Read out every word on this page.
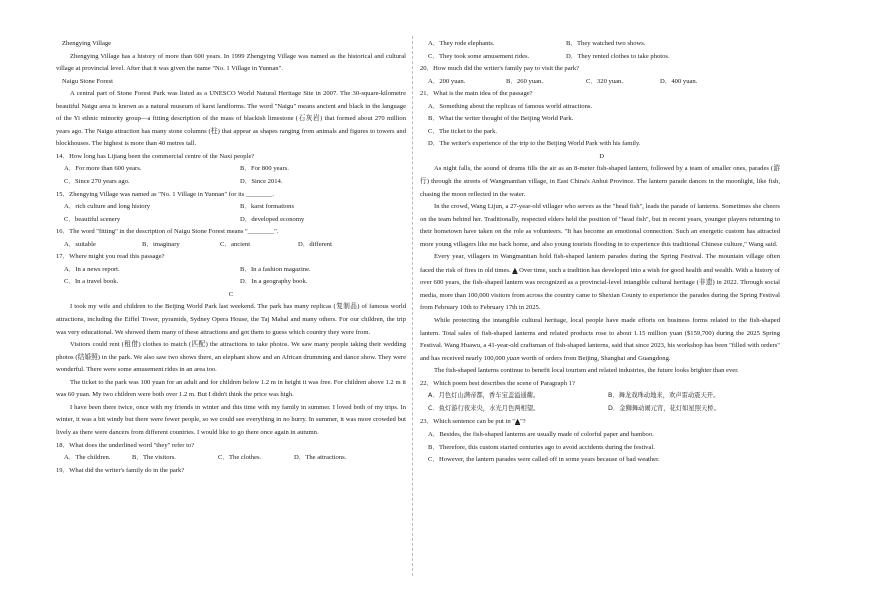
Zhengying Village

Zhengying Village has a history of more than 600 years. In 1999 Zhengying Village was named as the historical and cultural village at provincial level. After that it was given the name "No. 1 Village in Yunnan".

Naigu Stone Forest

A central part of Stone Forest Park was listed as a UNESCO World Natural Heritage Site in 2007. The 30-square-kilometre beautiful Naigu area is known as a natural museum of karst landforms. The word "Naigu" means ancient and black in the language of the Yi ethnic minority group—a fitting description of the mass of blackish limestone (石灰岩) that formed about 270 million years ago. The Naigu attraction has many stone columns (柱) that appear as shapes ranging from animals and figures to towers and blockhouses. The highest is more than 40 metres tall.

14．How long has Lijiang been the commercial centre of the Naxi people?

A．For more than 600 years.	B．For 800 years.
C．Since 270 years ago.	D．Since 2014.

15．Zhengying Village was named as "No. 1 Village in Yunnan" for its ________.

A．rich culture and long history	B．karst formations
C．beautiful scenery	D．developed economy

16．The word "fitting" in the description of Naigu Stone Forest means "________".

A．suitable	B．imaginary	C．ancient	D．different

17．Where might you read this passage?

A．In a news report.	B．In a fashion magazine.
C．In a travel book.	D．In a geography book.

C

I took my wife and children to the Beijing World Park last weekend. The park has many replicas (复制品) of famous world attractions, including the Eiffel Tower, pyramids, Sydney Opera House, the Taj Mahal and many others. For our children, the trip was very educational. We showed them many of these attractions and got them to guess which country they were from.

Visitors could rent (租借) clothes to match (匹配) the attractions to take photos. We saw many people taking their wedding photos (结婚照) in the park. We also saw two shows there, an elephant show and an African drumming and dance show. They were wonderful. There were some amusement rides in an area too.

The ticket to the park was 100 yuan for an adult and for children below 1.2 m in height it was free. For children above 1.2 m it was 60 yuan. My two children were both over 1.2 m. But I didn't think the price was high.

I have been there twice, once with my friends in winter and this time with my family in summer. I loved both of my trips. In winter, it was a bit windy but there were fewer people, so we could see everything in no hurry. In summer, it was more crowded but lively as there were dancers from different countries. I would like to go there once again in autumn.

18．What does the underlined word "they" refer to?

A．The children.	B．The visitors.	C．The clothes.	D．The attractions.

19．What did the writer's family do in the park?

A．They rode elephants.	B．They watched two shows.
C．They took some amusement rides.	D．They rented clothes to take photos.

20．How much did the writer's family pay to visit the park?

A．200 yuan.	B．260 yuan.	C．320 yuan.	D．400 yuan.

21．What is the main idea of the passage?

A．Something about the replicas of famous world attractions.

B．What the writer thought of the Beijing World Park.

C．The ticket to the park.

D．The writer's experience of the trip to the Beijing World Park with his family.

D

As night falls, the sound of drums fills the air as an 8-meter fish-shaped lantern, followed by a team of smaller ones, parades (游行) through the streets of Wangmantian village, in East China's Anhui Province. The lantern parade dances in the moonlight, like fish, chasing the moon reflected in the water.

In the crowd, Wang Lijun, a 27-year-old villager who serves as the "head fish", leads the parade of lanterns. Sometimes she cheers on the team behind her. Traditionally, respected elders held the position of "head fish", but in recent years, younger players returning to their hometown have taken on the role as volunteers. "It has become an emotional connection. Such an energetic custom has attracted more young villagers like me back home, and also young tourists flooding in to experience this traditional Chinese culture," Wang said.

Every year, villagers in Wangmantian hold fish-shaped lantern parades during the Spring Festival. The mountain village often faced the risk of fires in old times. ▲ Over time, such a tradition has developed into a wish for good health and wealth. With a history of over 600 years, the fish-shaped lantern was recognized as a provincial-level intangible cultural heritage (非遗) in 2022. Through social media, more than 100,000 visitors from across the country came to Shexian County to experience the parades during the Spring Festival from February 10th to February 17th in 2025.

While protecting the intangible cultural heritage, local people have made efforts on business forms related to the fish-shaped lantern. Total sales of fish-shaped lanterns and related products rose to about 1.15 million yuan ($159,700) during the 2025 Spring Festival. Wang Huawu, a 41-year-old craftsman of fish-shaped lanterns, said that since 2023, his workshop has been "filled with orders" and has received nearly 100,000 yuan worth of orders from Beijing, Shanghai and Guangdong.

The fish-shaped lanterns continue to benefit local tourism and related industries, the future looks brighter than ever.

22．Which poem best describes the scene of Paragraph 1?

A．月色灯山满帝都，香车宝盖溢通衢。	B．舞龙戏珠动地来，欢声雷动震天开。
C．鱼灯游行夜来央，水光月色两相望。	D．金狮舞动闹元宵，花灯如星照天桥。

23．Which sentence can be put in "▲"?

A．Besides, the fish-shaped lanterns are usually made of colorful paper and bamboo.

B．Therefore, this custom started centuries ago to avoid accidents during the festival.

C．However, the lantern parades were called off in some years because of bad weather.
